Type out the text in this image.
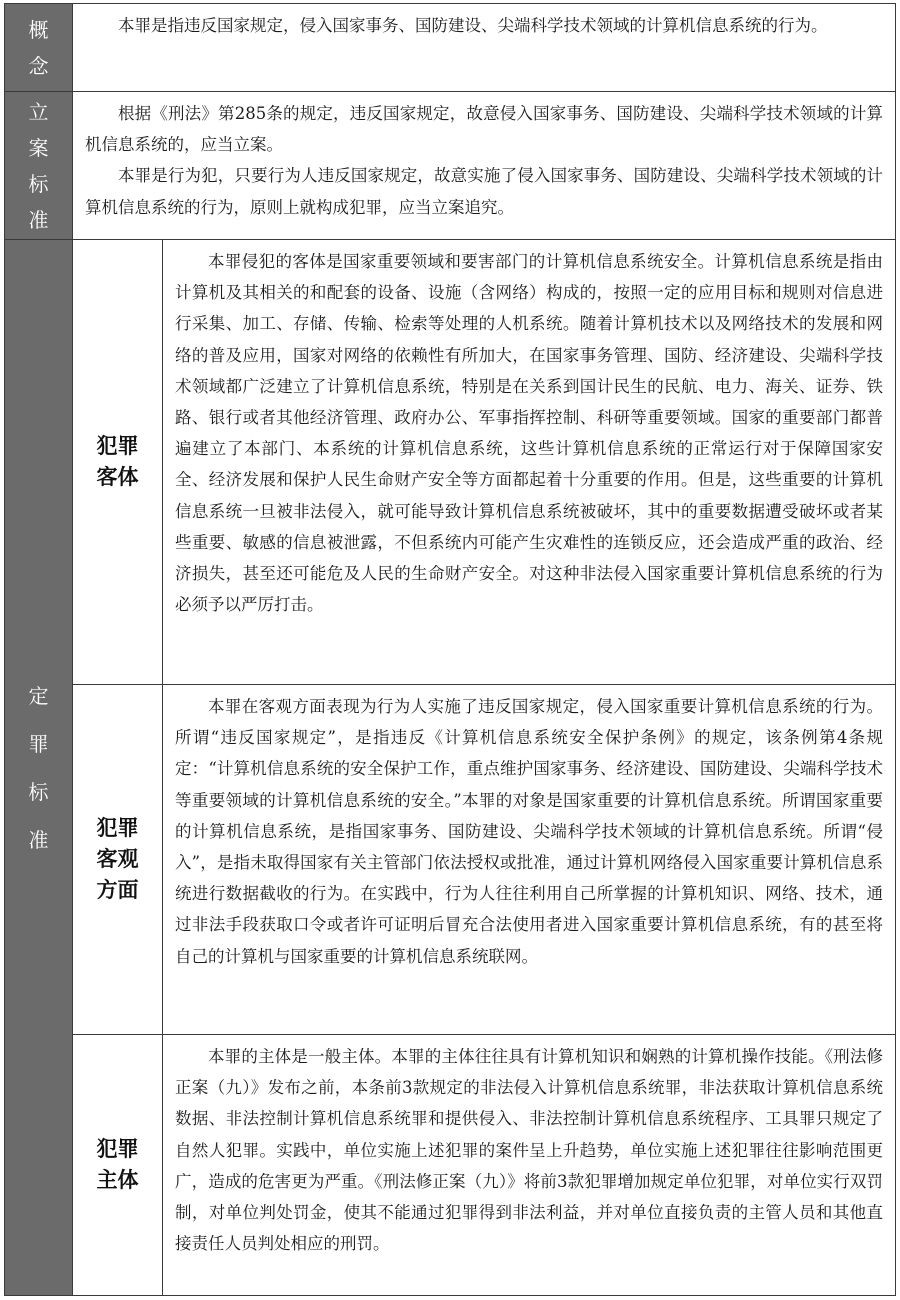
概念	本罪是指违反国家规定，侵入国家事务、国防建设、尖端科学技术领域的计算机信息系统的行为。	

立案标准	根据《刑法》第285条的规定，违反国家规定，故意侵入国家事务、国防建设、尖端科学技术领域的计算机信息系统的，应当立案。

本罪是行为犯，只要行为人违反国家规定，故意实施了侵入国家事务、国防建设、尖端科学技术领域的计算机信息系统的行为，原则上就构成犯罪，应当立案追究。	

定罪标准	犯罪客体	本罪侵犯的客体是国家重要领域和要害部门的计算机信息系统安全。计算机信息系统是指由计算机及其相关的和配套的设备、设施（含网络）构成的，按照一定的应用目标和规则对信息进行采集、加工、存储、传输、检索等处理的人机系统。随着计算机技术以及网络技术的发展和网络的普及应用，国家对网络的依赖性有所加大，在国家事务管理、国防、经济建设、尖端科学技术领域都广泛建立了计算机信息系统，特别是在关系到国计民生的民航、电力、海关、证券、铁路、银行或者其他经济管理、政府办公、军事指挥控制、科研等重要领域。国家的重要部门都普遍建立了本部门、本系统的计算机信息系统，这些计算机信息系统的正常运行对于保障国家安全、经济发展和保护人民生命财产安全等方面都起着十分重要的作用。但是，这些重要的计算机信息系统一旦被非法侵入，就可能导致计算机信息系统被破坏，其中的重要数据遭受破坏或者某些重要、敏感的信息被泄露，不但系统内可能产生灾难性的连锁反应，还会造成严重的政治、经济损失，甚至还可能危及人民的生命财产安全。对这种非法侵入国家重要计算机信息系统的行为必须予以严厉打击。

	犯罪客观方面	本罪在客观方面表现为行为人实施了违反国家规定，侵入国家重要计算机信息系统的行为。所谓“违反国家规定”，是指违反《计算机信息系统安全保护条例》的规定，该条例第4条规定：“计算机信息系统的安全保护工作，重点维护国家事务、经济建设、国防建设、尖端科学技术等重要领域的计算机信息系统的安全。”本罪的对象是国家重要的计算机信息系统。所谓国家重要的计算机信息系统，是指国家事务、国防建设、尖端科学技术领域的计算机信息系统。所谓“侵入”，是指未取得国家有关主管部门依法授权或批准，通过计算机网络侵入国家重要计算机信息系统进行数据截收的行为。在实践中，行为人往往利用自己所掌握的计算机知识、网络、技术，通过非法手段获取口令或者许可证明后冒充合法使用者进入国家重要计算机信息系统，有的甚至将自己的计算机与国家重要的计算机信息系统联网。

	犯罪主体	本罪的主体是一般主体。本罪的主体往往具有计算机知识和娴熟的计算机操作技能。《刑法修正案（九）》发布之前，本条前3款规定的非法侵入计算机信息系统罪，非法获取计算机信息系统数据、非法控制计算机信息系统罪和提供侵入、非法控制计算机信息系统程序、工具罪只规定了自然人犯罪。实践中，单位实施上述犯罪的案件呈上升趋势，单位实施上述犯罪往往影响范围更广，造成的危害更为严重。《刑法修正案（九）》将前3款犯罪增加规定单位犯罪，对单位实行双罚制，对单位判处罚金，使其不能通过犯罪得到非法利益，并对单位直接负责的主管人员和其他直接责任人员判处相应的刑罚。
